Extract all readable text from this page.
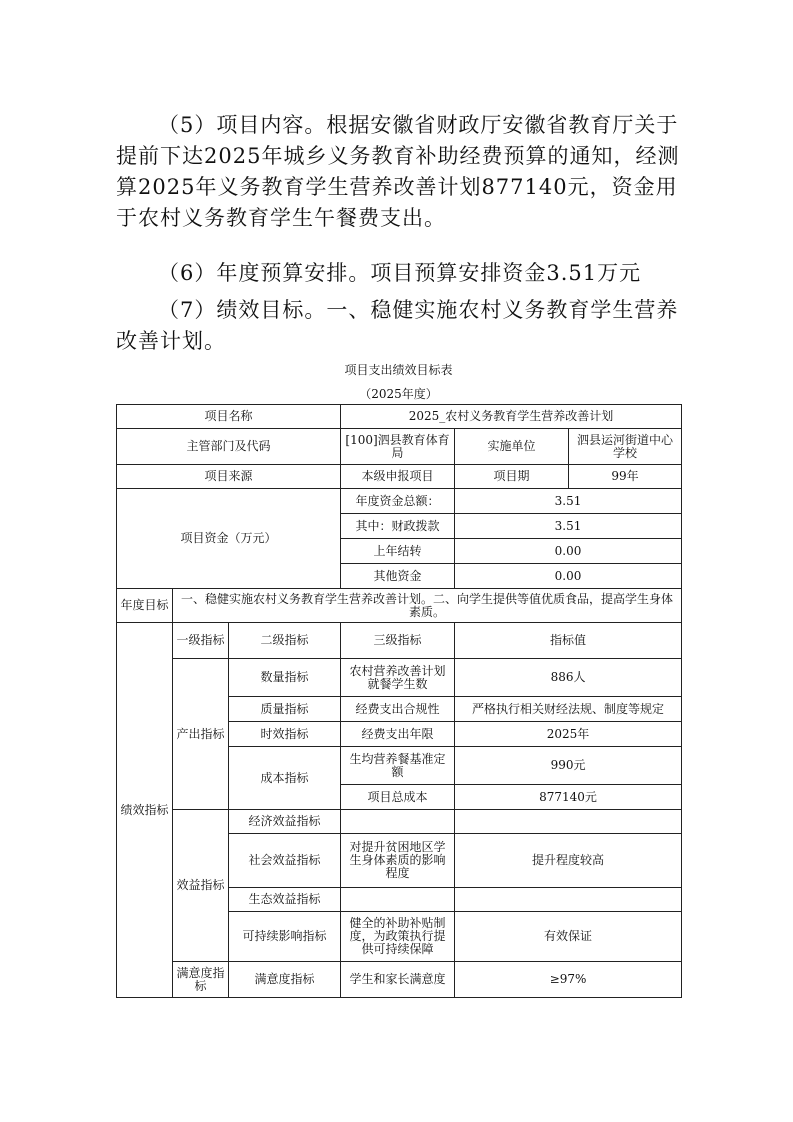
（5）项目内容。根据安徽省财政厅安徽省教育厅关于提前下达2025年城乡义务教育补助经费预算的通知，经测算2025年义务教育学生营养改善计划877140元，资金用于农村义务教育学生午餐费支出。

（6）年度预算安排。项目预算安排资金3.51万元

（7）绩效目标。一、稳健实施农村义务教育学生营养改善计划。

项目支出绩效目标表
（2025年度）
项目名称			2025_农村义务教育学生营养改善计划		
主管部门及代码			[100]泗县教育体育局	实施单位	泗县运河街道中心学校
项目来源			本级申报项目	项目期	99年
项目资金（万元）			年度资金总额：	3.51	
			其中：财政拨款	3.51	
			上年结转	0.00	
			其他资金	0.00	
年度目标	一、稳健实施农村义务教育学生营养改善计划。二、向学生提供等值优质食品，提高学生身体素质。				
绩效指标	一级指标	二级指标	三级指标	指标值	
	产出指标	数量指标	农村营养改善计划就餐学生数	886人	
		质量指标	经费支出合规性	严格执行相关财经法规、制度等规定	
		时效指标	经费支出年限	2025年	
		成本指标	生均营养餐基准定额	990元	
			项目总成本	877140元	
	效益指标	经济效益指标			
		社会效益指标	对提升贫困地区学生身体素质的影响程度	提升程度较高	
		生态效益指标			
		可持续影响指标	健全的补助补贴制度，为政策执行提供可持续保障	有效保证	
	满意度指标	满意度指标	学生和家长满意度	≥97%	
